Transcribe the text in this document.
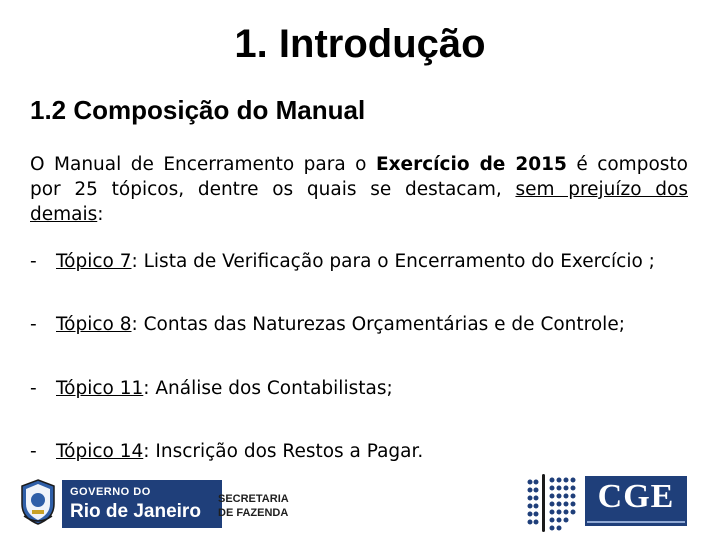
1. Introdução
1.2 Composição do Manual
O Manual de Encerramento para o Exercício de 2015 é composto por 25 tópicos, dentre os quais se destacam, sem prejuízo dos demais:
- Tópico 7: Lista de Verificação para o Encerramento do Exercício ;
- Tópico 8: Contas das Naturezas Orçamentárias e de Controle;
- Tópico 11: Análise dos Contabilistas;
- Tópico 14: Inscrição dos Restos a Pagar.
GOVERNO DO
Rio de Janeiro
SECRETARIA
DE FAZENDA	CGE
